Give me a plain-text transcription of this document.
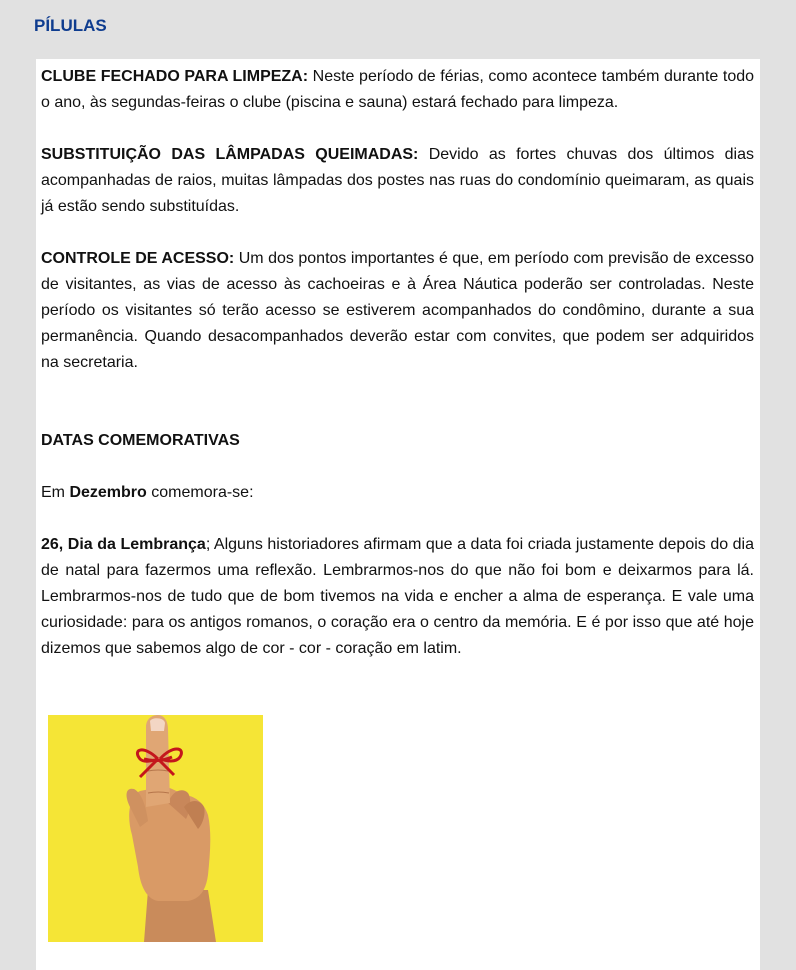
PÍLULAS

CLUBE FECHADO PARA LIMPEZA: Neste período de férias, como acontece também durante todo o ano, às segundas-feiras o clube (piscina e sauna) estará fechado para limpeza.

SUBSTITUIÇÃO DAS LÂMPADAS QUEIMADAS: Devido as fortes chuvas dos últimos dias acompanhadas de raios, muitas lâmpadas dos postes nas ruas do condomínio queimaram, as quais já estão sendo substituídas.

CONTROLE DE ACESSO: Um dos pontos importantes é que, em período com previsão de excesso de visitantes, as vias de acesso às cachoeiras e à Área Náutica poderão ser controladas. Neste período os visitantes só terão acesso se estiverem acompanhados do condômino, durante a sua permanência. Quando desacompanhados deverão estar com convites, que podem ser adquiridos na secretaria.

DATAS COMEMORATIVAS

Em Dezembro comemora-se:

26, Dia da Lembrança; Alguns historiadores afirmam que a data foi criada justamente depois do dia de natal para fazermos uma reflexão. Lembrarmos-nos do que não foi bom e deixarmos para lá. Lembrarmos-nos de tudo que de bom tivemos na vida e encher a alma de esperança. E vale uma curiosidade: para os antigos romanos, o coração era o centro da memória. E é por isso que até hoje dizemos que sabemos algo de cor - cor - coração em latim.
